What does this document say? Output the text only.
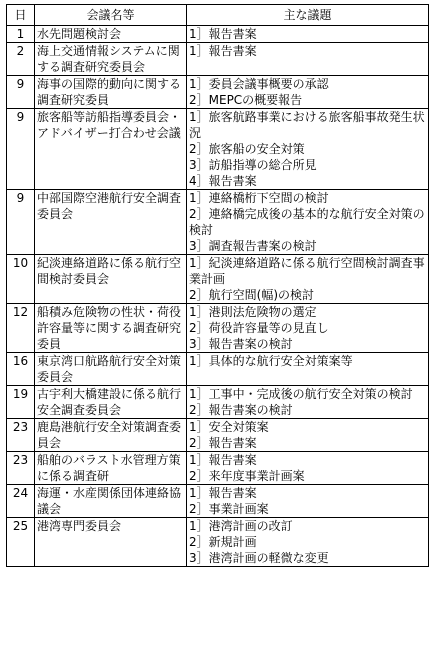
日	会議名等	主な議題
1	水先問題検討会	1］報告書案

2	海上交通情報システムに関する調査研究委員会	1］報告書案

9	海事の国際的動向に関する調査研究委員	1］委員会議事概要の承認
2］MEPCの概要報告

9	旅客船等訪船指導委員会・アドバイザー打合わせ会議	1］旅客航路事業における旅客船事故発生状況
2］旅客船の安全対策
3］訪船指導の総合所見
4］報告書案

9	中部国際空港航行安全調査委員会	1］連絡橋桁下空間の検討
2］連絡橋完成後の基本的な航行安全対策の検討
3］調査報告書案の検討

10	紀淡連絡道路に係る航行空間検討委員会	1］紀淡連絡道路に係る航行空間検討調査事業計画
2］航行空間(幅)の検討

12	船積み危険物の性状・荷役許容量等に関する調査研究委員	1］港則法危険物の選定
2］荷役許容量等の見直し
3］報告書案の検討

16	東京湾口航路航行安全対策委員会	1］具体的な航行安全対策案等

19	古宇利大橋建設に係る航行安全調査委員会	1］工事中・完成後の航行安全対策の検討
2］報告書案の検討

23	鹿島港航行安全対策調査委員会	1］安全対策案
2］報告書案

23	船舶のバラスト水管理方策に係る調査研	1］報告書案
2］来年度事業計画案

24	海運・水産関係団体連絡協議会	1］報告書案
2］事業計画案

25	港湾専門委員会	1］港湾計画の改訂
2］新規計画
3］港湾計画の軽微な変更
